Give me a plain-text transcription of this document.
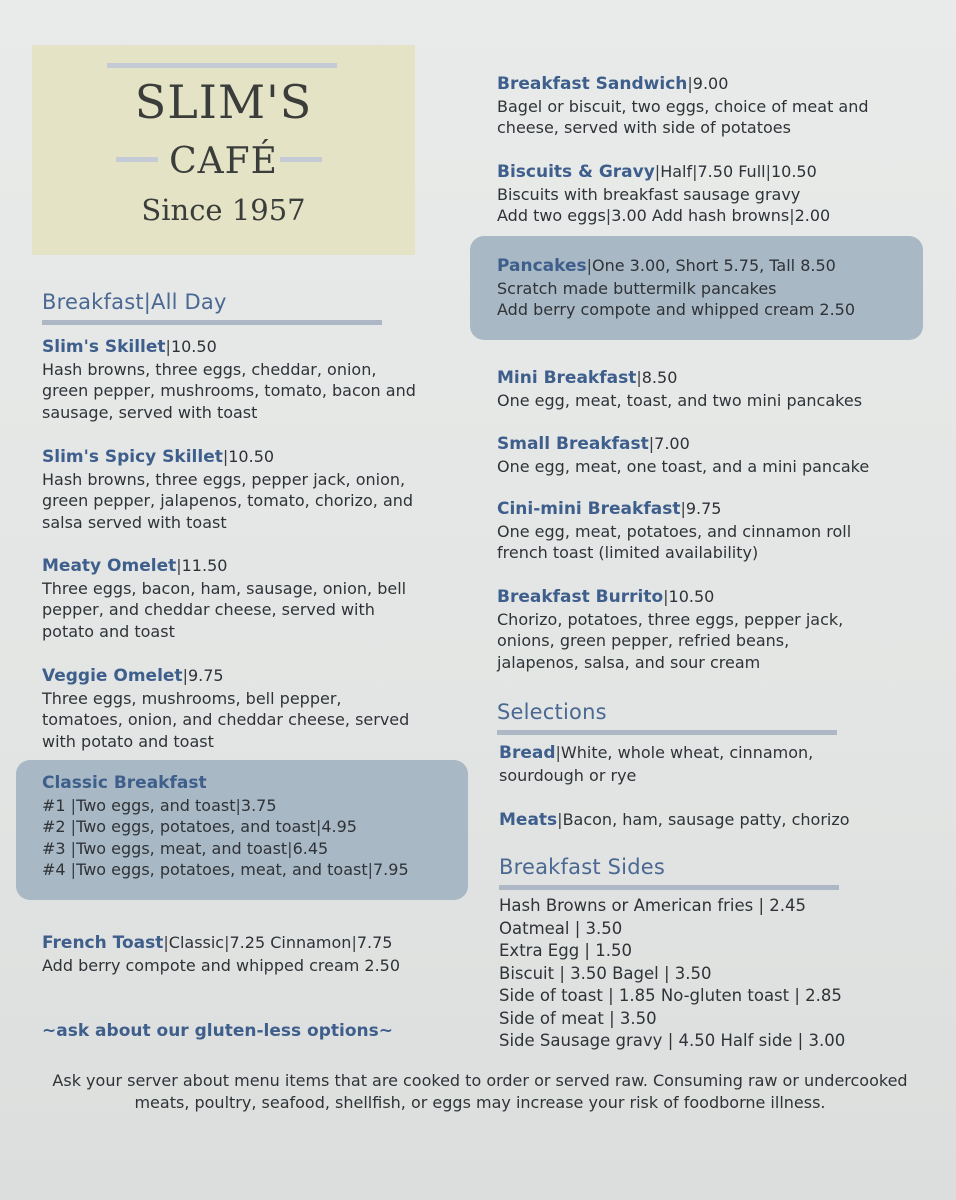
SLIM'S
CAFÉ
Since 1957
Breakfast|All Day
Slim's Skillet|10.50
Hash browns, three eggs, cheddar, onion,
green pepper, mushrooms, tomato, bacon and
sausage, served with toast
Slim's Spicy Skillet|10.50
Hash browns, three eggs, pepper jack, onion,
green pepper, jalapenos, tomato, chorizo, and
salsa served with toast
Meaty Omelet|11.50
Three eggs, bacon, ham, sausage, onion, bell
pepper, and cheddar cheese, served with
potato and toast
Veggie Omelet|9.75
Three eggs, mushrooms, bell pepper,
tomatoes, onion, and cheddar cheese, served
with potato and toast
Classic Breakfast
#1 |Two eggs, and toast|3.75
#2 |Two eggs, potatoes, and toast|4.95
#3 |Two eggs, meat, and toast|6.45
#4 |Two eggs, potatoes, meat, and toast|7.95
French Toast|Classic|7.25 Cinnamon|7.75
Add berry compote and whipped cream 2.50
~ask about our gluten-less options~
Breakfast Sandwich|9.00
Bagel or biscuit, two eggs, choice of meat and
cheese, served with side of potatoes
Biscuits & Gravy|Half|7.50 Full|10.50
Biscuits with breakfast sausage gravy
Add two eggs|3.00 Add hash browns|2.00
Pancakes|One 3.00, Short 5.75, Tall 8.50
Scratch made buttermilk pancakes
Add berry compote and whipped cream 2.50
Mini Breakfast|8.50
One egg, meat, toast, and two mini pancakes
Small Breakfast|7.00
One egg, meat, one toast, and a mini pancake
Cini-mini Breakfast|9.75
One egg, meat, potatoes, and cinnamon roll
french toast (limited availability)
Breakfast Burrito|10.50
Chorizo, potatoes, three eggs, pepper jack,
onions, green pepper, refried beans,
jalapenos, salsa, and sour cream
Selections
Bread|White, whole wheat, cinnamon,
sourdough or rye
Meats|Bacon, ham, sausage patty, chorizo
Breakfast Sides
Hash Browns or American fries | 2.45
Oatmeal | 3.50
Extra Egg | 1.50
Biscuit | 3.50 Bagel | 3.50
Side of toast | 1.85 No-gluten toast | 2.85
Side of meat | 3.50
Side Sausage gravy | 4.50 Half side | 3.00
Ask your server about menu items that are cooked to order or served raw. Consuming raw or undercooked meats, poultry, seafood, shellfish, or eggs may increase your risk of foodborne illness.
